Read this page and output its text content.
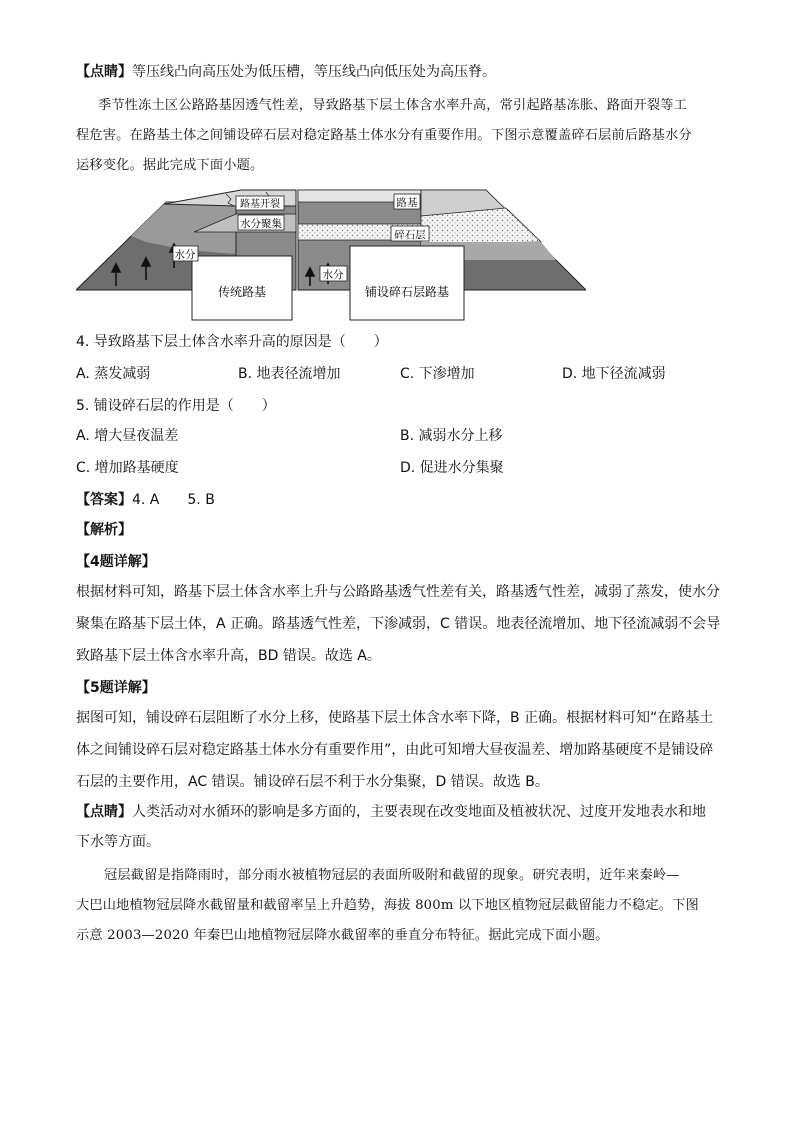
【点睛】等压线凸向高压处为低压槽，等压线凸向低压处为高压脊。
季节性冻土区公路路基因透气性差，导致路基下层土体含水率升高，常引起路基冻胀、路面开裂等工
程危害。在路基土体之间铺设碎石层对稳定路基土体水分有重要作用。下图示意覆盖碎石层前后路基水分
运移变化。据此完成下面小题。
路基开裂
水分聚集
水分
水分
路基
碎石层
传统路基	铺设碎石层路基
4. 导致路基下层土体含水率升高的原因是（　　）
A. 蒸发减弱	B. 地表径流增加	C. 下渗增加	D. 地下径流减弱
5. 铺设碎石层的作用是（　　）
A. 增大昼夜温差	B. 减弱水分上移
C. 增加路基硬度	D. 促进水分集聚
【答案】4. A　　5. B
【解析】
【4题详解】
根据材料可知，路基下层土体含水率上升与公路路基透气性差有关，路基透气性差，减弱了蒸发，使水分
聚集在路基下层土体，A 正确。路基透气性差，下渗减弱，C 错误。地表径流增加、地下径流减弱不会导
致路基下层土体含水率升高，BD 错误。故选 A。
【5题详解】
据图可知，铺设碎石层阻断了水分上移，使路基下层土体含水率下降，B 正确。根据材料可知“在路基土
体之间铺设碎石层对稳定路基土体水分有重要作用”，由此可知增大昼夜温差、增加路基硬度不是铺设碎
石层的主要作用，AC 错误。铺设碎石层不利于水分集聚，D 错误。故选 B。
【点睛】人类活动对水循环的影响是多方面的，主要表现在改变地面及植被状况、过度开发地表水和地
下水等方面。
冠层截留是指降雨时，部分雨水被植物冠层的表面所吸附和截留的现象。研究表明，近年来秦岭—
大巴山地植物冠层降水截留量和截留率呈上升趋势，海拔 800m 以下地区植物冠层截留能力不稳定。下图
示意 2003—2020 年秦巴山地植物冠层降水截留率的垂直分布特征。据此完成下面小题。
